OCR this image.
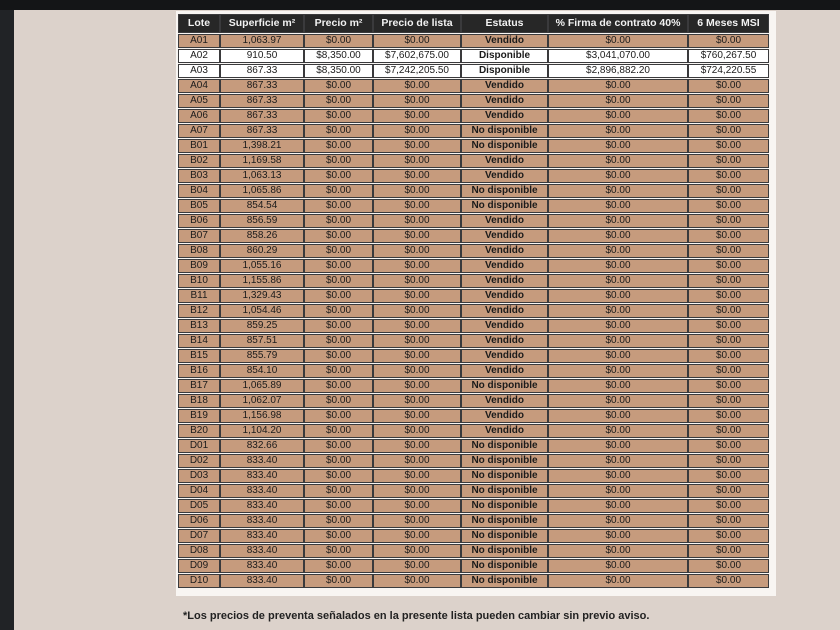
Lote	Superficie m²	Precio m²	Precio de lista	Estatus	% Firma de contrato 40%	6 Meses MSI
A01	1,063.97	$0.00	$0.00	Vendido	$0.00	$0.00
A02	910.50	$8,350.00	$7,602,675.00	Disponible	$3,041,070.00	$760,267.50
A03	867.33	$8,350.00	$7,242,205.50	Disponible	$2,896,882.20	$724,220.55
A04	867.33	$0.00	$0.00	Vendido	$0.00	$0.00
A05	867.33	$0.00	$0.00	Vendido	$0.00	$0.00
A06	867.33	$0.00	$0.00	Vendido	$0.00	$0.00
A07	867.33	$0.00	$0.00	No disponible	$0.00	$0.00
B01	1,398.21	$0.00	$0.00	No disponible	$0.00	$0.00
B02	1,169.58	$0.00	$0.00	Vendido	$0.00	$0.00
B03	1,063.13	$0.00	$0.00	Vendido	$0.00	$0.00
B04	1,065.86	$0.00	$0.00	No disponible	$0.00	$0.00
B05	854.54	$0.00	$0.00	No disponible	$0.00	$0.00
B06	856.59	$0.00	$0.00	Vendido	$0.00	$0.00
B07	858.26	$0.00	$0.00	Vendido	$0.00	$0.00
B08	860.29	$0.00	$0.00	Vendido	$0.00	$0.00
B09	1,055.16	$0.00	$0.00	Vendido	$0.00	$0.00
B10	1,155.86	$0.00	$0.00	Vendido	$0.00	$0.00
B11	1,329.43	$0.00	$0.00	Vendido	$0.00	$0.00
B12	1,054.46	$0.00	$0.00	Vendido	$0.00	$0.00
B13	859.25	$0.00	$0.00	Vendido	$0.00	$0.00
B14	857.51	$0.00	$0.00	Vendido	$0.00	$0.00
B15	855.79	$0.00	$0.00	Vendido	$0.00	$0.00
B16	854.10	$0.00	$0.00	Vendido	$0.00	$0.00
B17	1,065.89	$0.00	$0.00	No disponible	$0.00	$0.00
B18	1,062.07	$0.00	$0.00	Vendido	$0.00	$0.00
B19	1,156.98	$0.00	$0.00	Vendido	$0.00	$0.00
B20	1,104.20	$0.00	$0.00	Vendido	$0.00	$0.00
D01	832.66	$0.00	$0.00	No disponible	$0.00	$0.00
D02	833.40	$0.00	$0.00	No disponible	$0.00	$0.00
D03	833.40	$0.00	$0.00	No disponible	$0.00	$0.00
D04	833.40	$0.00	$0.00	No disponible	$0.00	$0.00
D05	833.40	$0.00	$0.00	No disponible	$0.00	$0.00
D06	833.40	$0.00	$0.00	No disponible	$0.00	$0.00
D07	833.40	$0.00	$0.00	No disponible	$0.00	$0.00
D08	833.40	$0.00	$0.00	No disponible	$0.00	$0.00
D09	833.40	$0.00	$0.00	No disponible	$0.00	$0.00
D10	833.40	$0.00	$0.00	No disponible	$0.00	$0.00
*Los precios de preventa señalados en la presente lista pueden cambiar sin previo aviso.
